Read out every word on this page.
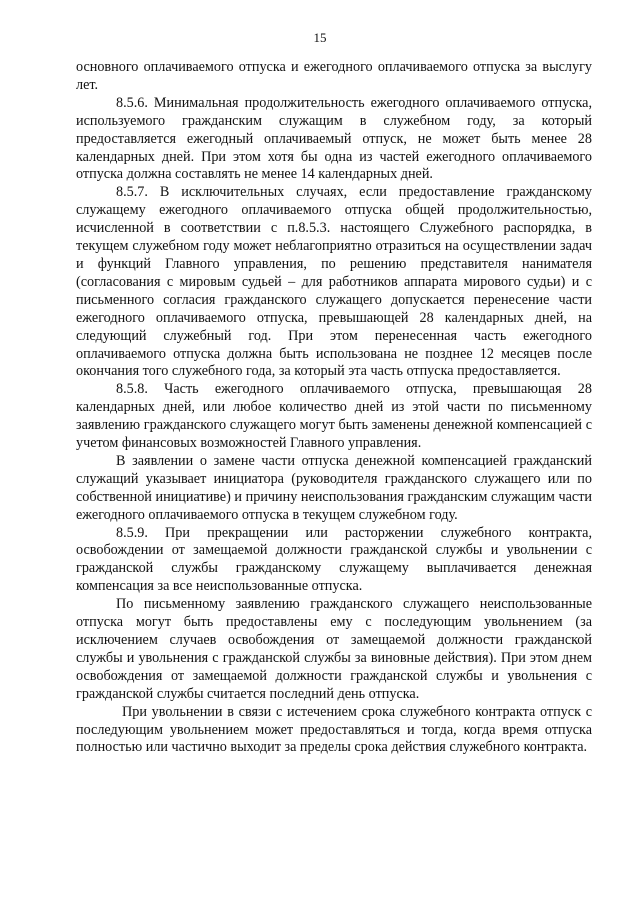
15

основного оплачиваемого отпуска и ежегодного оплачиваемого отпуска за выслугу лет.

8.5.6. Минимальная продолжительность ежегодного оплачиваемого отпуска, используемого гражданским служащим в служебном году, за который предоставляется ежегодный оплачиваемый отпуск, не может быть менее 28 календарных дней. При этом хотя бы одна из частей ежегодного оплачиваемого отпуска должна составлять не менее 14 календарных дней.

8.5.7. В исключительных случаях, если предоставление гражданскому служащему ежегодного оплачиваемого отпуска общей продолжительностью, исчисленной в соответствии с п.8.5.3. настоящего Служебного распорядка, в текущем служебном году может неблагоприятно отразиться на осуществлении задач и функций Главного управления, по решению представителя нанимателя (согласования с мировым судьей – для работников аппарата мирового судьи) и с письменного согласия гражданского служащего допускается перенесение части ежегодного оплачиваемого отпуска, превышающей 28 календарных дней, на следующий служебный год. При этом перенесенная часть ежегодного оплачиваемого отпуска должна быть использована не позднее 12 месяцев после окончания того служебного года, за который эта часть отпуска предоставляется.

8.5.8. Часть ежегодного оплачиваемого отпуска, превышающая 28 календарных дней, или любое количество дней из этой части по письменному заявлению гражданского служащего могут быть заменены денежной компенсацией с учетом финансовых возможностей Главного управления.

В заявлении о замене части отпуска денежной компенсацией гражданский служащий указывает инициатора (руководителя гражданского служащего или по собственной инициативе) и причину неиспользования гражданским служащим части ежегодного оплачиваемого отпуска в текущем служебном году.

8.5.9. При прекращении или расторжении служебного контракта, освобождении от замещаемой должности гражданской службы и увольнении с гражданской службы гражданскому служащему выплачивается денежная компенсация за все неиспользованные отпуска.

По письменному заявлению гражданского служащего неиспользованные отпуска могут быть предоставлены ему с последующим увольнением (за исключением случаев освобождения от замещаемой должности гражданской службы и увольнения с гражданской службы за виновные действия). При этом днем освобождения от замещаемой должности гражданской службы и увольнения с гражданской службы считается последний день отпуска.

При увольнении в связи с истечением срока служебного контракта отпуск с последующим увольнением может предоставляться и тогда, когда время отпуска полностью или частично выходит за пределы срока действия служебного контракта.
